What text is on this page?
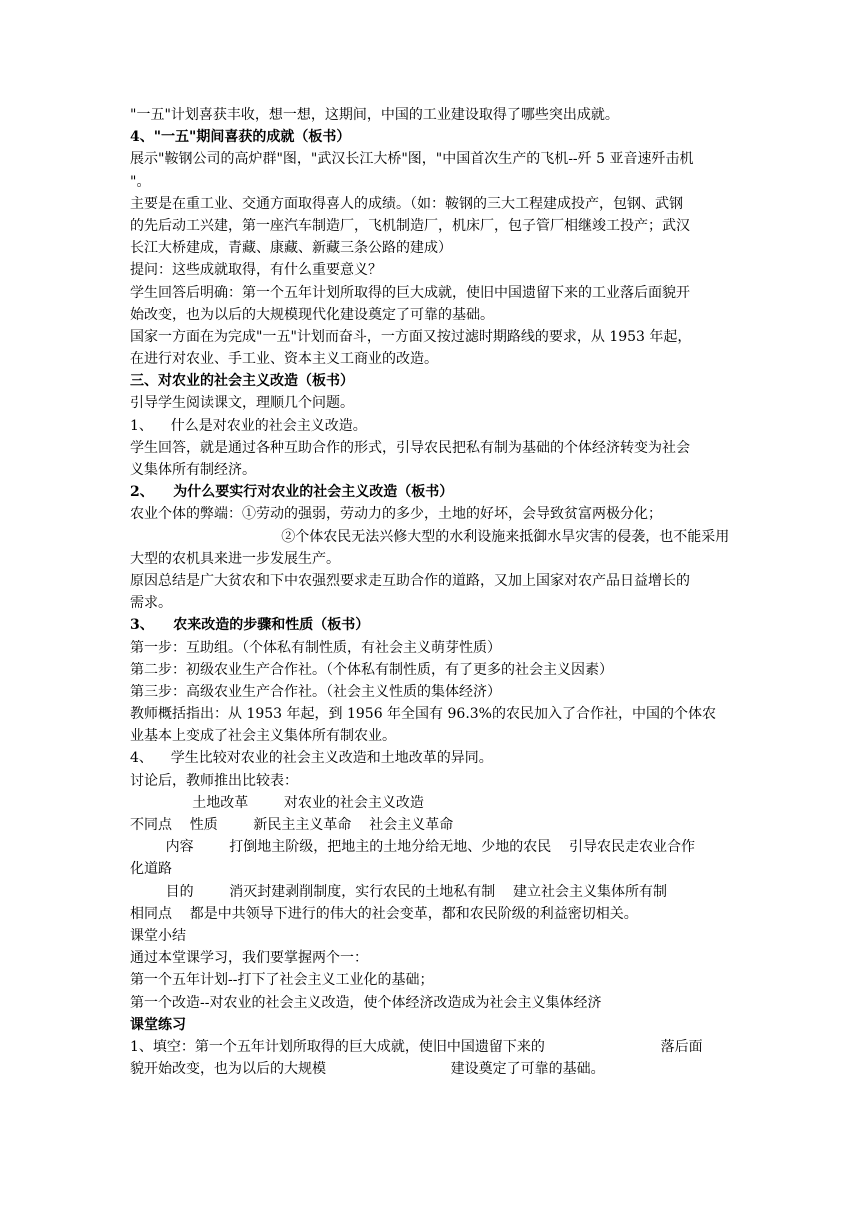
"一五"计划喜获丰收，想一想，这期间，中国的工业建设取得了哪些突出成就。
4、"一五"期间喜获的成就（板书）
展示"鞍钢公司的高炉群"图，"武汉长江大桥"图，"中国首次生产的飞机--歼 5 亚音速歼击机
"。
主要是在重工业、交通方面取得喜人的成绩。（如：鞍钢的三大工程建成投产，包钢、武钢
的先后动工兴建，第一座汽车制造厂，飞机制造厂，机床厂，包子管厂相继竣工投产；武汉
长江大桥建成，青藏、康藏、新藏三条公路的建成）
提问：这些成就取得，有什么重要意义？
学生回答后明确：第一个五年计划所取得的巨大成就，使旧中国遗留下来的工业落后面貌开
始改变，也为以后的大规模现代化建设奠定了可靠的基础。
国家一方面在为完成"一五"计划而奋斗，一方面又按过滤时期路线的要求，从 1953 年起，
在进行对农业、手工业、资本主义工商业的改造。
三、对农业的社会主义改造（板书）
引导学生阅读课文，理顺几个问题。
1、    什么是对农业的社会主义改造。
学生回答，就是通过各种互助合作的形式，引导农民把私有制为基础的个体经济转变为社会
义集体所有制经济。
2、    为什么要实行对农业的社会主义改造（板书）
农业个体的弊端：①劳动的强弱，劳动力的多少，土地的好坏，会导致贫富两极分化；
②个体农民无法兴修大型的水利设施来抵御水旱灾害的侵袭，也不能采用
大型的农机具来进一步发展生产。
原因总结是广大贫农和下中农强烈要求走互助合作的道路，又加上国家对农产品日益增长的
需求。
3、    农来改造的步骤和性质（板书）
第一步：互助组。（个体私有制性质，有社会主义萌芽性质）
第二步：初级农业生产合作社。（个体私有制性质，有了更多的社会主义因素）
第三步：高级农业生产合作社。（社会主义性质的集体经济）
教师概括指出：从 1953 年起，到 1956 年全国有 96.3%的农民加入了合作社，中国的个体农
业基本上变成了社会主义集体所有制农业。
4、    学生比较对农业的社会主义改造和土地改革的异同。
讨论后，教师推出比较表：
土地改革        对农业的社会主义改造
不同点    性质        新民主主义革命    社会主义革命
内容        打倒地主阶级，把地主的土地分给无地、少地的农民    引导农民走农业合作
化道路
目的        消灭封建剥削制度，实行农民的土地私有制    建立社会主义集体所有制
相同点    都是中共领导下进行的伟大的社会变革，都和农民阶级的利益密切相关。
课堂小结
通过本堂课学习，我们要掌握两个一：
第一个五年计划--打下了社会主义工业化的基础；
第一个改造--对农业的社会主义改造，使个体经济改造成为社会主义集体经济
课堂练习
1、填空：第一个五年计划所取得的巨大成就，使旧中国遗留下来的                          落后面
貌开始改变，也为以后的大规模                            建设奠定了可靠的基础。
